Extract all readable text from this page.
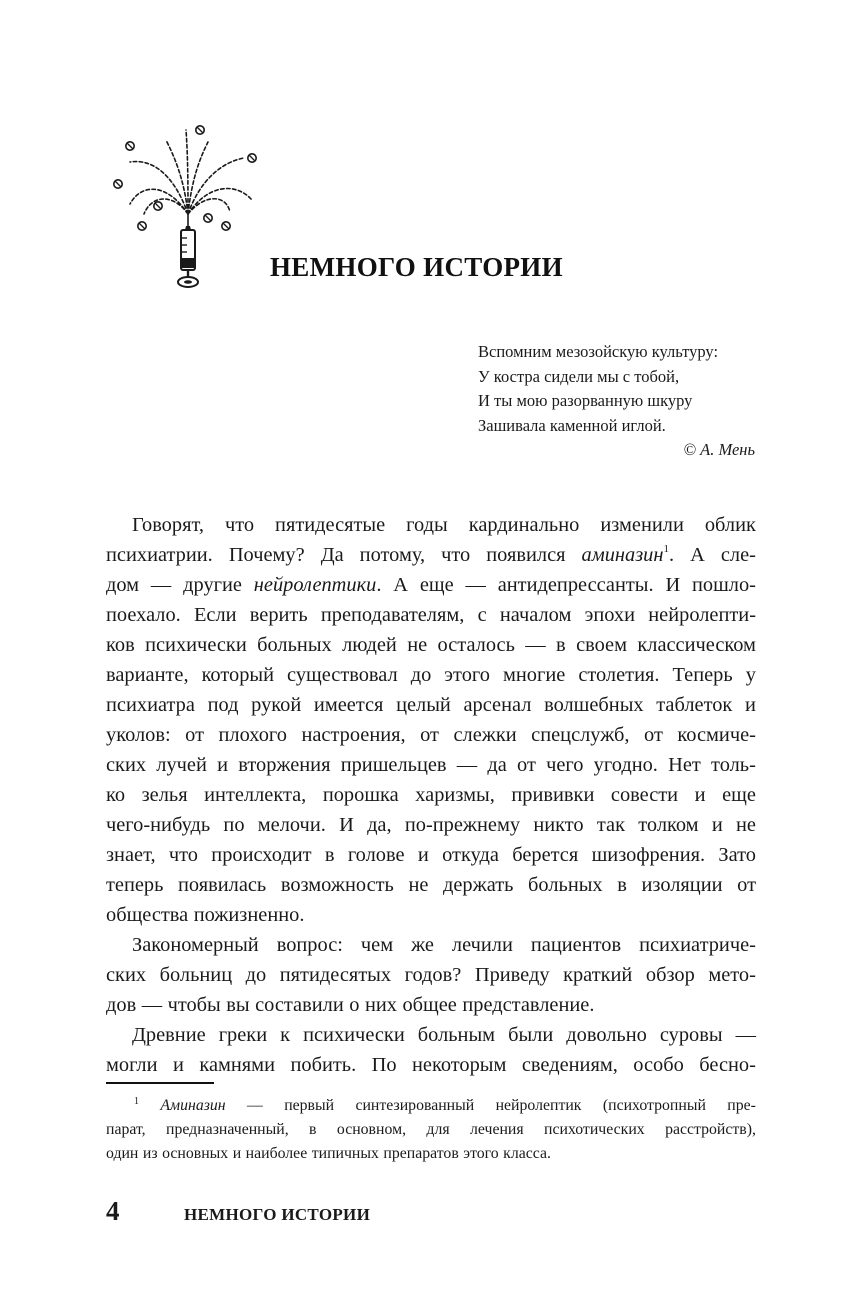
НЕМНОГО ИСТОРИИ
Вспомним мезозойскую культуру:
У костра сидели мы с тобой,
И ты мою разорванную шкуру
Зашивала каменной иглой.
© А. Мень
Говорят, что пятидесятые годы кардинально изменили облик
психиатрии. Почему? Да потому, что появился аминазин$^1$. А сле-
дом — другие нейролептики. А еще — антидепрессанты. И пошло-
поехало. Если верить преподавателям, с началом эпохи нейролепти-
ков психически больных людей не осталось — в своем классическом
варианте, который существовал до этого многие столетия. Теперь у
психиатра под рукой имеется целый арсенал волшебных таблеток и
уколов: от плохого настроения, от слежки спецслужб, от космиче-
ских лучей и вторжения пришельцев — да от чего угодно. Нет толь-
ко зелья интеллекта, порошка харизмы, прививки совести и еще
чего-нибудь по мелочи. И да, по-прежнему никто так толком и не
знает, что происходит в голове и откуда берется шизофрения. Зато
теперь появилась возможность не держать больных в изоляции от
общества пожизненно.
Закономерный вопрос: чем же лечили пациентов психиатриче-
ских больниц до пятидесятых годов? Приведу краткий обзор мето-
дов — чтобы вы составили о них общее представление.
Древние греки к психически больным были довольно суровы —
могли и камнями побить. По некоторым сведениям, особо бесно-
$^1$ Аминазин — первый синтезированный нейролептик (психотропный пре-
парат, предназначенный, в основном, для лечения психотических расстройств),
один из основных и наиболее типичных препаратов этого класса.
4	НЕМНОГО ИСТОРИИ
